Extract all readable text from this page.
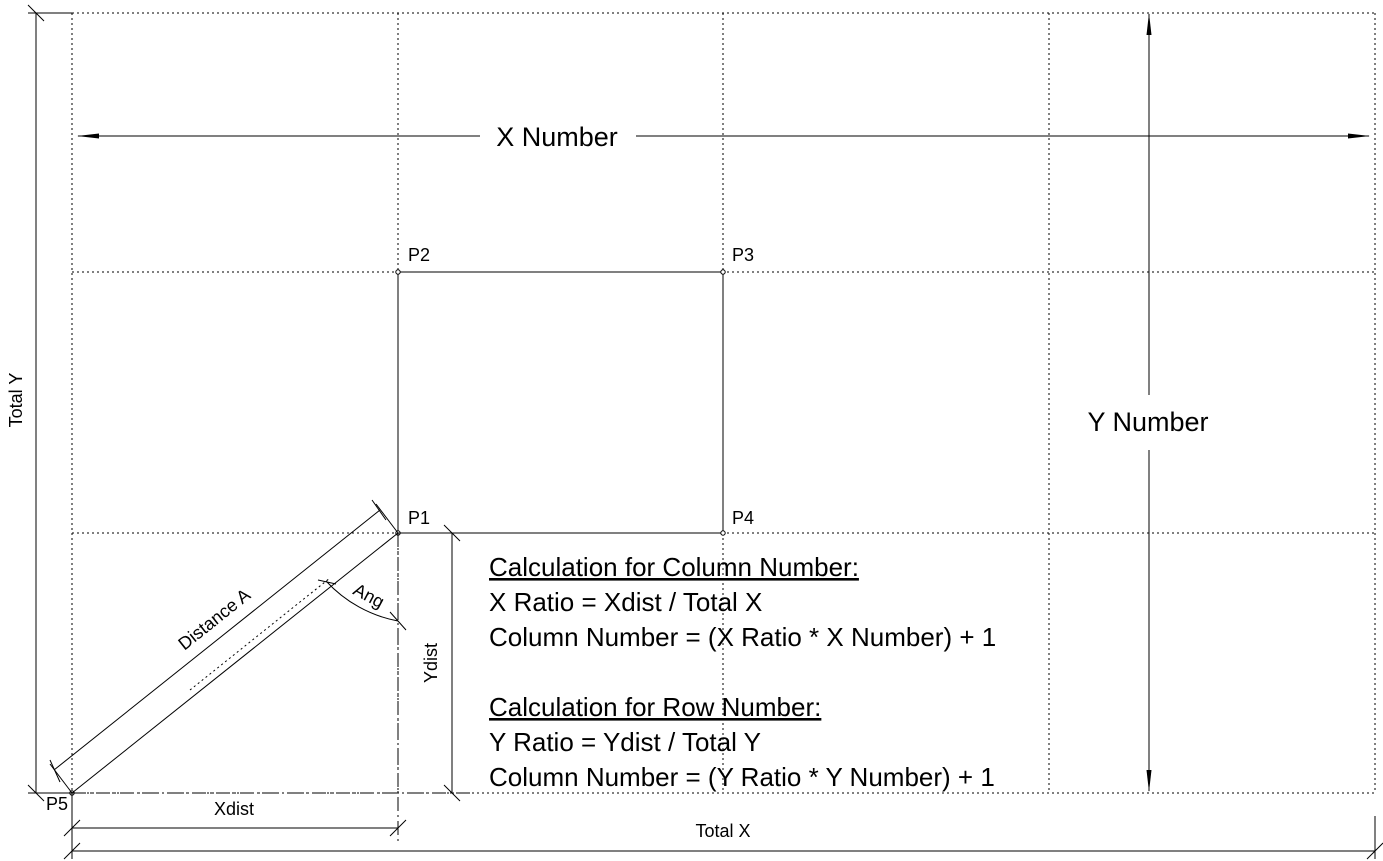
X Number
Y Number
Total X
Total Y
Xdist
Ydist
Distance A	Ang
P1
P2	P3
P4
P5
Calculation for Column Number:
X Ratio = Xdist / Total X
Column Number = (X Ratio * X Number) + 1
Calculation for Row Number:
Y Ratio = Ydist / Total Y
Column Number = (Y Ratio * Y Number) + 1
